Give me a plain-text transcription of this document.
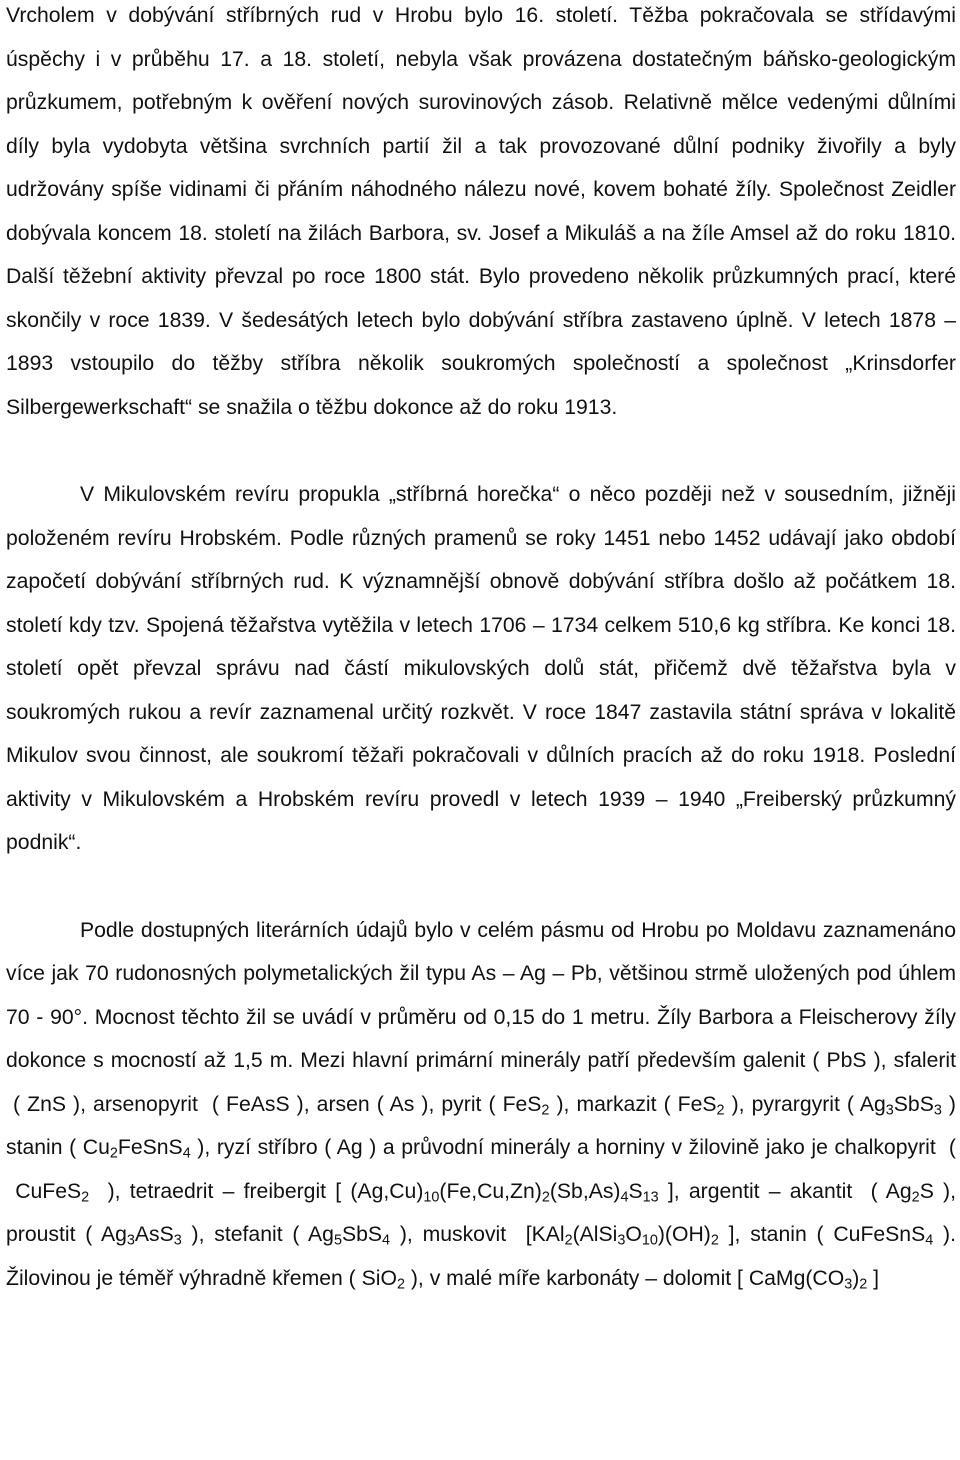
Vrcholem v dobývání stříbrných rud v Hrobu bylo 16. století. Těžba pokračovala se střídavými úspěchy i v průběhu 17. a 18. století, nebyla však provázena dostatečným báňsko-geologickým průzkumem, potřebným k ověření nových surovinových zásob. Relativně mělce vedenými důlními díly byla vydobyta většina svrchních partií žil a tak provozované důlní podniky živořily a byly udržovány spíše vidinami či přáním náhodného nálezu nové, kovem bohaté žíly. Společnost Zeidler dobývala koncem 18. století na žilách Barbora, sv. Josef a Mikuláš a na žíle Amsel až do roku 1810. Další těžební aktivity převzal po roce 1800 stát. Bylo provedeno několik průzkumných prací, které skončily v roce 1839. V šedesátých letech bylo dobývání stříbra zastaveno úplně. V letech 1878 – 1893 vstoupilo do těžby stříbra několik soukromých společností a společnost „Krinsdorfer Silbergewerkschaft“ se snažila o těžbu dokonce až do roku 1913.

V Mikulovském revíru propukla „stříbrná horečka“ o něco později než v sousedním, jižněji položeném revíru Hrobském. Podle různých pramenů se roky 1451 nebo 1452 udávají jako období započetí dobývání stříbrných rud. K významnější obnově dobývání stříbra došlo až počátkem 18. století kdy tzv. Spojená těžařstva vytěžila v letech 1706 – 1734 celkem 510,6 kg stříbra. Ke konci 18. století opět převzal správu nad částí mikulovských dolů stát, přičemž dvě těžařstva byla v soukromých rukou a revír zaznamenal určitý rozkvět. V roce 1847 zastavila státní správa v lokalitě Mikulov svou činnost, ale soukromí těžaři pokračovali v důlních pracích až do roku 1918. Poslední aktivity v Mikulovském a Hrobském revíru provedl v letech 1939 – 1940 „Freiberský průzkumný podnik“.

Podle dostupných literárních údajů bylo v celém pásmu od Hrobu po Moldavu zaznamenáno více jak 70 rudonosných polymetalických žil typu As – Ag – Pb, většinou strmě uložených pod úhlem 70 - 90°. Mocnost těchto žil se uvádí v průměru od 0,15 do 1 metru. Žíly Barbora a Fleischerovy žíly dokonce s mocností až 1,5 m. Mezi hlavní primární minerály patří především galenit ( PbS ), sfalerit  ( ZnS ), arsenopyrit  ( FeAsS ), arsen ( As ), pyrit ( FeS$_2$ ), markazit ( FeS$_2$ ), pyrargyrit ( $Ag_3SbS_3$ ) stanin ( $Cu_2FeSnS_4$ ), ryzí stříbro ( Ag ) a průvodní minerály a horniny v žilovině jako je chalkopyrit  (  CuFeS$_2$  ), tetraedrit – freibergit [ $(Ag,Cu)_{10}(Fe,Cu,Zn)_2(Sb,As)_4S_{13}$ ], argentit – akantit  ( $Ag_2S$ ), proustit ( $Ag_3AsS_3$ ), stefanit ( $Ag_5SbS_4$ ), muskovit  [$KAl_2(AlSi_3O_{10})(OH)_2$ ], stanin ( CuFeSnS$_4$ ). Žilovinou je téměř výhradně křemen ( SiO$_2$ ), v malé míře karbonáty – dolomit [ $CaMg(CO_3)_2$ ]
